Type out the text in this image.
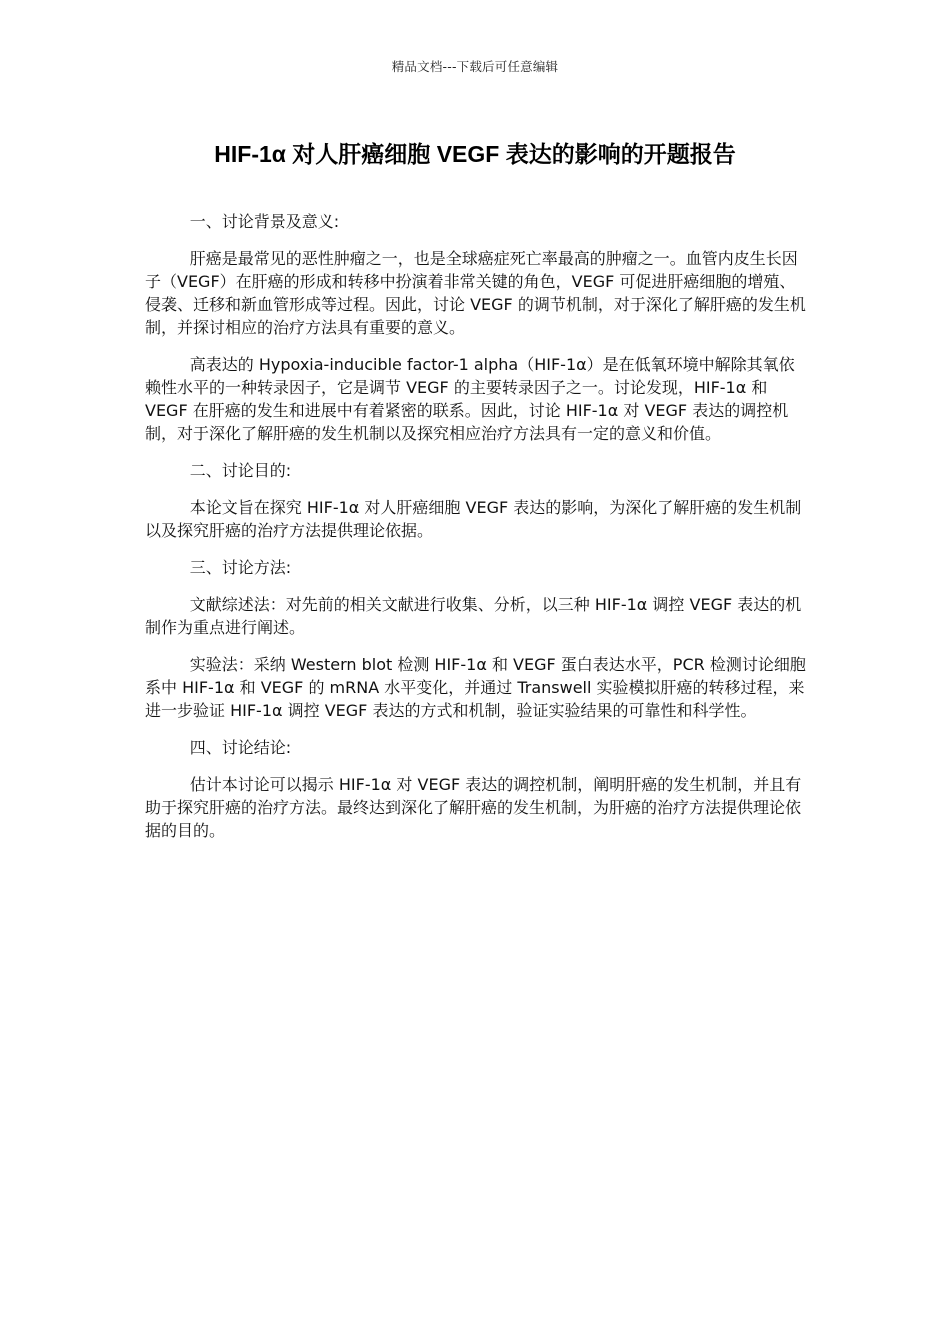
精品文档---下载后可任意编辑
HIF-1α 对人肝癌细胞 VEGF 表达的影响的开题报告

一、讨论背景及意义:

肝癌是最常见的恶性肿瘤之一，也是全球癌症死亡率最高的肿瘤之一。血管内皮生长因子（VEGF）在肝癌的形成和转移中扮演着非常关键的角色，VEGF 可促进肝癌细胞的增殖、侵袭、迁移和新血管形成等过程。因此，讨论 VEGF 的调节机制，对于深化了解肝癌的发生机制，并探讨相应的治疗方法具有重要的意义。

高表达的 Hypoxia-inducible factor-1 alpha（HIF-1α）是在低氧环境中解除其氧依赖性水平的一种转录因子，它是调节 VEGF 的主要转录因子之一。讨论发现，HIF-1α 和 VEGF 在肝癌的发生和进展中有着紧密的联系。因此，讨论 HIF-1α 对 VEGF 表达的调控机制，对于深化了解肝癌的发生机制以及探究相应治疗方法具有一定的意义和价值。

二、讨论目的:

本论文旨在探究 HIF-1α 对人肝癌细胞 VEGF 表达的影响，为深化了解肝癌的发生机制以及探究肝癌的治疗方法提供理论依据。

三、讨论方法:

文献综述法：对先前的相关文献进行收集、分析，以三种 HIF-1α 调控 VEGF 表达的机制作为重点进行阐述。

实验法：采纳 Western blot 检测 HIF-1α 和 VEGF 蛋白表达水平，PCR 检测讨论细胞系中 HIF-1α 和 VEGF 的 mRNA 水平变化，并通过 Transwell 实验模拟肝癌的转移过程，来进一步验证 HIF-1α 调控 VEGF 表达的方式和机制，验证实验结果的可靠性和科学性。

四、讨论结论:

估计本讨论可以揭示 HIF-1α 对 VEGF 表达的调控机制，阐明肝癌的发生机制，并且有助于探究肝癌的治疗方法。最终达到深化了解肝癌的发生机制，为肝癌的治疗方法提供理论依据的目的。
